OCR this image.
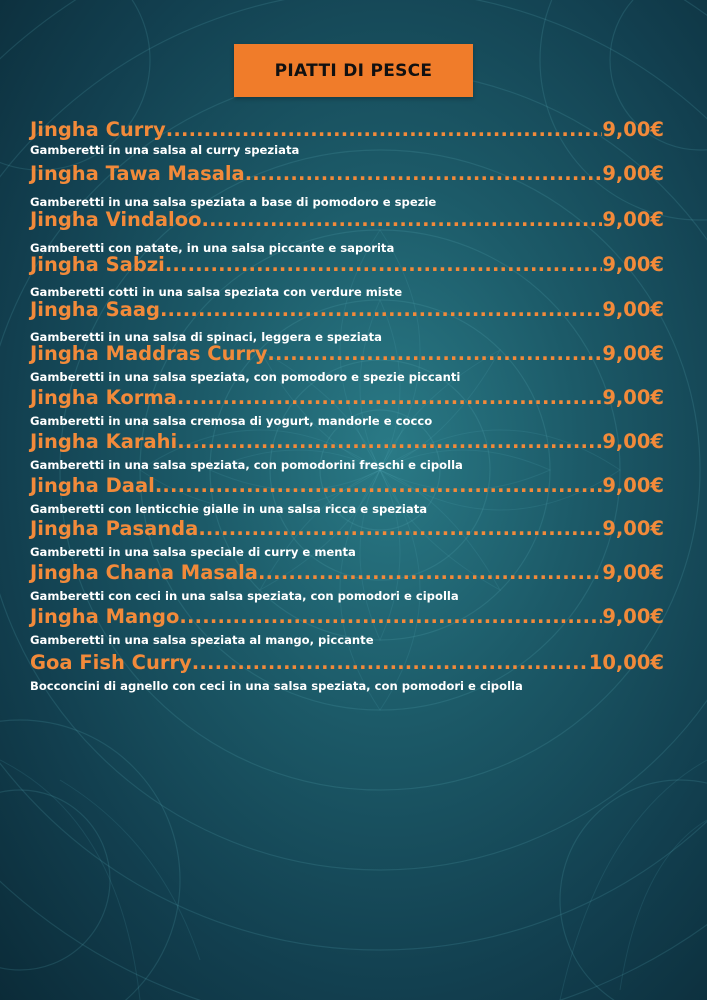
PIATTI DI PESCE
Jingha Curry .....	9,00€
Gamberetti in una salsa al curry speziata
Jingha Tawa Masala .....	9,00€
Gamberetti in una salsa speziata a base di pomodoro e spezie
Jingha Vindaloo .....	9,00€
Gamberetti con patate, in una salsa piccante e saporita
Jingha Sabzi .....	9,00€
Gamberetti cotti in una salsa speziata con verdure miste
Jingha Saag .....	9,00€
Gamberetti in una salsa di spinaci, leggera e speziata
Jingha Maddras Curry .....	9,00€
Gamberetti in una salsa speziata, con pomodoro e spezie piccanti
Jingha Korma .....	9,00€
Gamberetti in una salsa cremosa di yogurt, mandorle e cocco
Jingha Karahi .....	9,00€
Gamberetti in una salsa speziata, con pomodorini freschi e cipolla
Jingha Daal .....	9,00€
Gamberetti con lenticchie gialle in una salsa ricca e speziata
Jingha Pasanda .....	9,00€
Gamberetti in una salsa speciale di curry e menta
Jingha Chana Masala .....	9,00€
Gamberetti con ceci in una salsa speziata, con pomodori e cipolla
Jingha Mango .....	9,00€
Gamberetti in una salsa speziata al mango, piccante
Goa Fish Curry .....	10,00€
Bocconcini di agnello con ceci in una salsa speziata, con pomodori e cipolla
